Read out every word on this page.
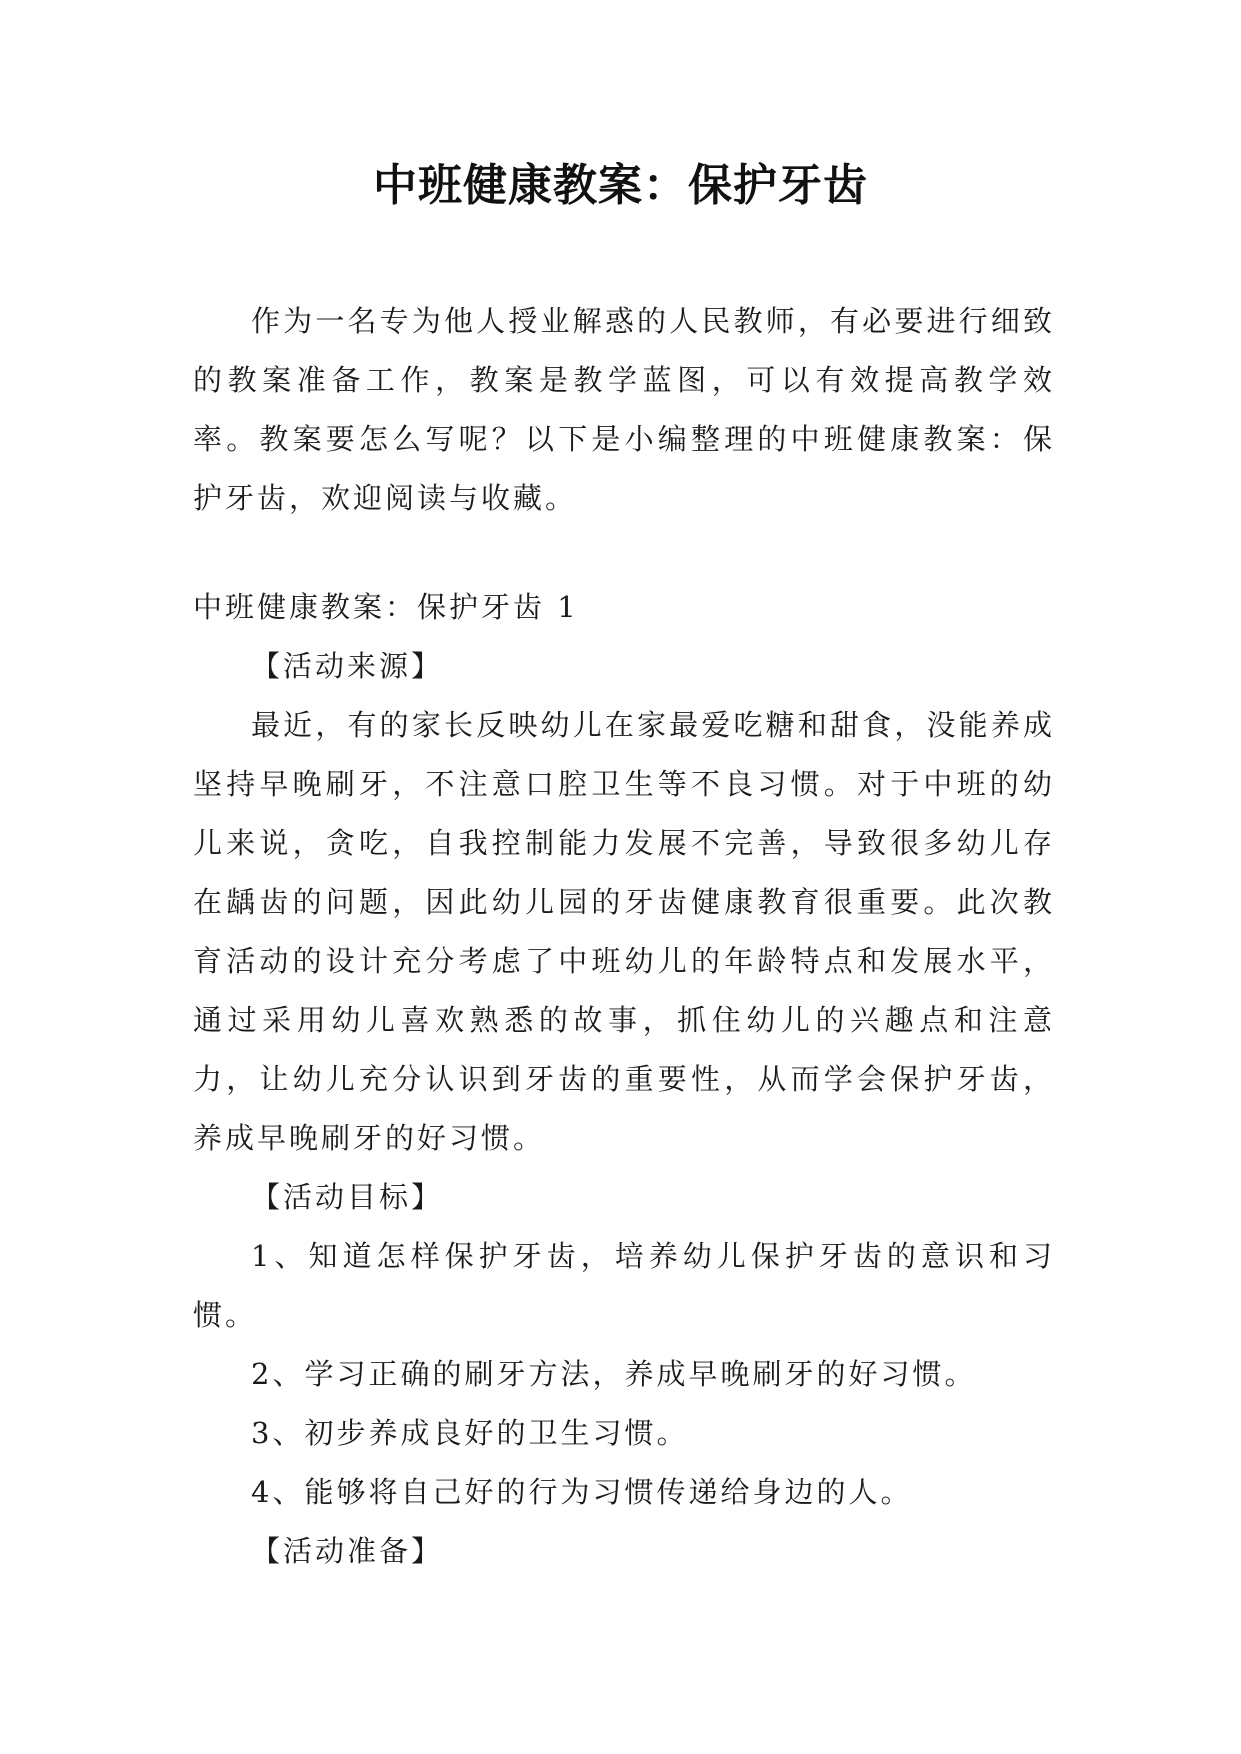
中班健康教案：保护牙齿

作为一名专为他人授业解惑的人民教师，有必要进行细致的教案准备工作，教案是教学蓝图，可以有效提高教学效率。教案要怎么写呢？以下是小编整理的中班健康教案：保护牙齿，欢迎阅读与收藏。

中班健康教案：保护牙齿 1

【活动来源】

最近，有的家长反映幼儿在家最爱吃糖和甜食，没能养成坚持早晚刷牙，不注意口腔卫生等不良习惯。对于中班的幼儿来说，贪吃，自我控制能力发展不完善，导致很多幼儿存在龋齿的问题，因此幼儿园的牙齿健康教育很重要。此次教育活动的设计充分考虑了中班幼儿的年龄特点和发展水平，通过采用幼儿喜欢熟悉的故事，抓住幼儿的兴趣点和注意力，让幼儿充分认识到牙齿的重要性，从而学会保护牙齿，养成早晚刷牙的好习惯。

【活动目标】

1、知道怎样保护牙齿，培养幼儿保护牙齿的意识和习惯。

2、学习正确的刷牙方法，养成早晚刷牙的好习惯。

3、初步养成良好的卫生习惯。

4、能够将自己好的行为习惯传递给身边的人。

【活动准备】
